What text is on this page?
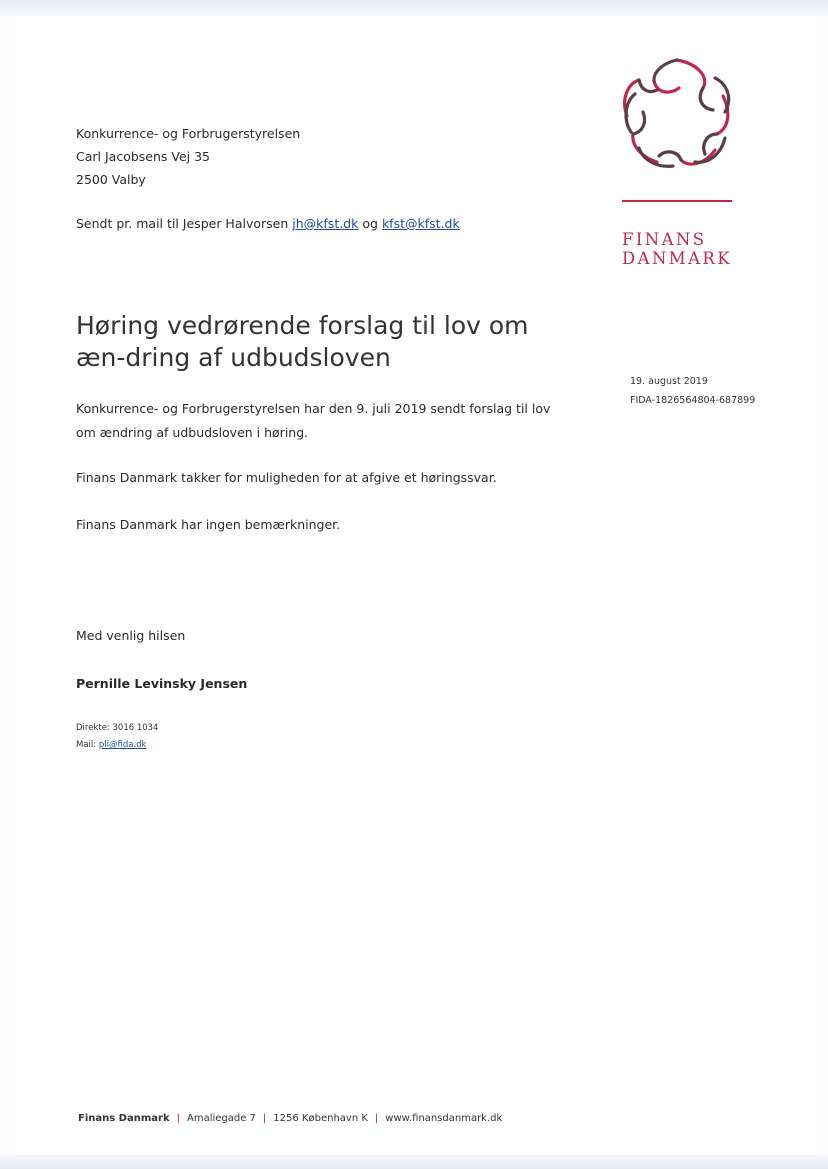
Konkurrence- og Forbrugerstyrelsen
Carl Jacobsens Vej 35
2500 Valby
Sendt pr. mail til Jesper Halvorsen jh@kfst.dk og kfst@kfst.dk
FINANS
DANMARK
19. august 2019
FIDA-1826564804-687899
Høring vedrørende forslag til lov om æn-dring af udbudsloven
Konkurrence- og Forbrugerstyrelsen har den 9. juli 2019 sendt forslag til lov om ændring af udbudsloven i høring.
Finans Danmark takker for muligheden for at afgive et høringssvar.
Finans Danmark har ingen bemærkninger.
Med venlig hilsen
Pernille Levinsky Jensen
Direkte: 3016 1034
Mail: pli@fida.dk
Finans Danmark | Amaliegade 7 | 1256 København K | www.finansdanmark.dk
